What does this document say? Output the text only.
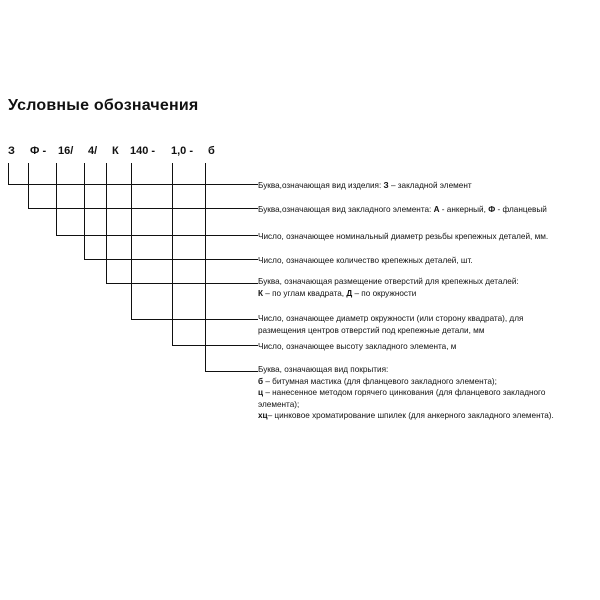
Условные обозначения
З Ф - 16/ 4/ К 140 - 1,0 - б
Буква,означающая вид изделия: З – закладной элемент
Буква,означающая вид закладного элемента: А - анкерный, Ф - фланцевый
Число, означающее номинальный диаметр резьбы крепежных деталей, мм.
Число, означающее количество крепежных деталей, шт.
Буква, означающая размещение отверстий для крепежных деталей:
К – по углам квадрата, Д – по окружности
Число, означающее диаметр окружности (или сторону квадрата), для
размещения центров отверстий под крепежные детали, мм
Число, означающее высоту закладного элемента, м
Буква, означающая вид покрытия:
б – битумная мастика (для фланцевого закладного элемента);
ц – нанесенное методом горячего цинкования (для фланцевого закладного
элемента);
хц– цинковое хроматирование шпилек (для анкерного закладного элемента).
